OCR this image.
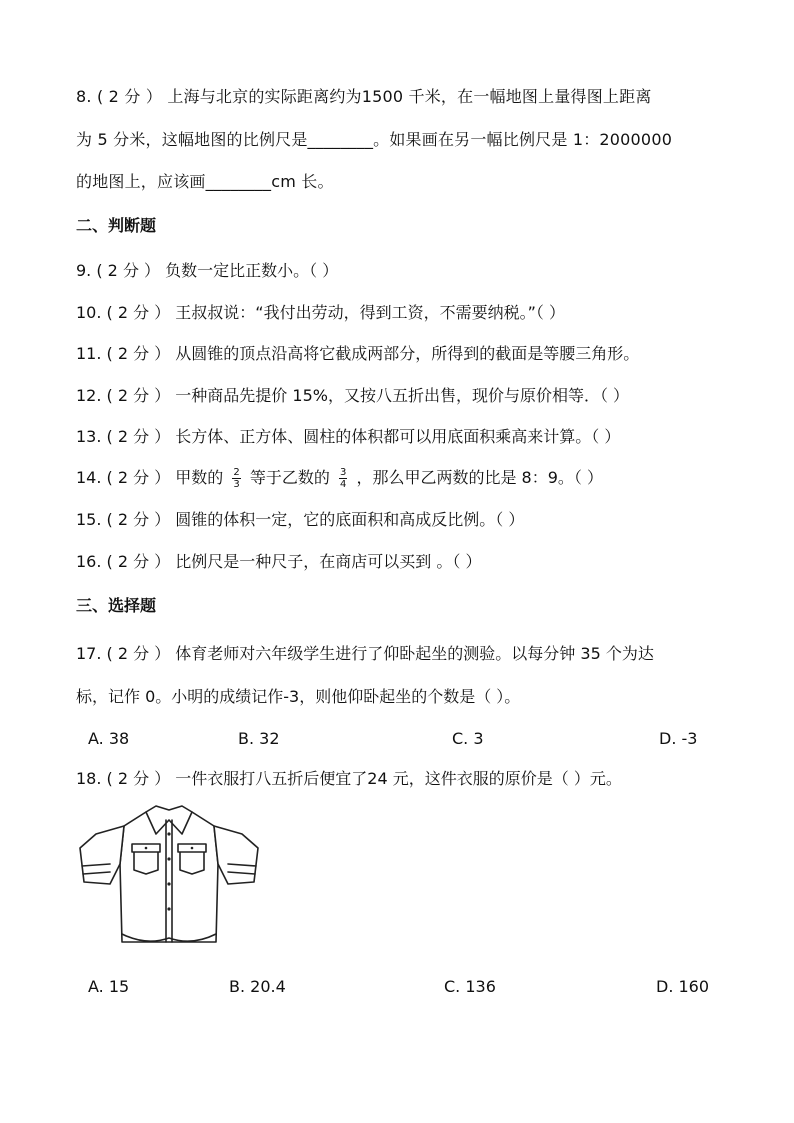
8. ( 2 分 ） 上海与北京的实际距离约为1500 千米，在一幅地图上量得图上距离
为 5 分米，这幅地图的比例尺是________。如果画在另一幅比例尺是 1：2000000
的地图上，应该画________cm 长。
二、判断题
9. ( 2 分 ） 负数一定比正数小。（ ）
10. ( 2 分 ） 王叔叔说：“我付出劳动，得到工资，不需要纳税。”（ ）
11. ( 2 分 ） 从圆锥的顶点沿高将它截成两部分，所得到的截面是等腰三角形。
12. ( 2 分 ） 一种商品先提价 15%，又按八五折出售，现价与原价相等．（ ）
13. ( 2 分 ） 长方体、正方体、圆柱的体积都可以用底面积乘高来计算。（ ）
14. ( 2 分 ） 甲数的 $\frac{2}{3}$ 等于乙数的 $\frac{3}{4}$ ，那么甲乙两数的比是 8：9。（ ）
15. ( 2 分 ） 圆锥的体积一定，它的底面积和高成反比例。（ ）
16. ( 2 分 ） 比例尺是一种尺子，在商店可以买到 。（ ）
三、选择题
17. ( 2 分 ） 体育老师对六年级学生进行了仰卧起坐的测验。以每分钟 35 个为达
标，记作 0。小明的成绩记作-3，则他仰卧起坐的个数是（ ）。
A. 38	B. 32	C. 3	D. -3
18. ( 2 分 ） 一件衣服打八五折后便宜了24 元，这件衣服的原价是（ ）元。
A. 15	B. 20.4	C. 136	D. 160
